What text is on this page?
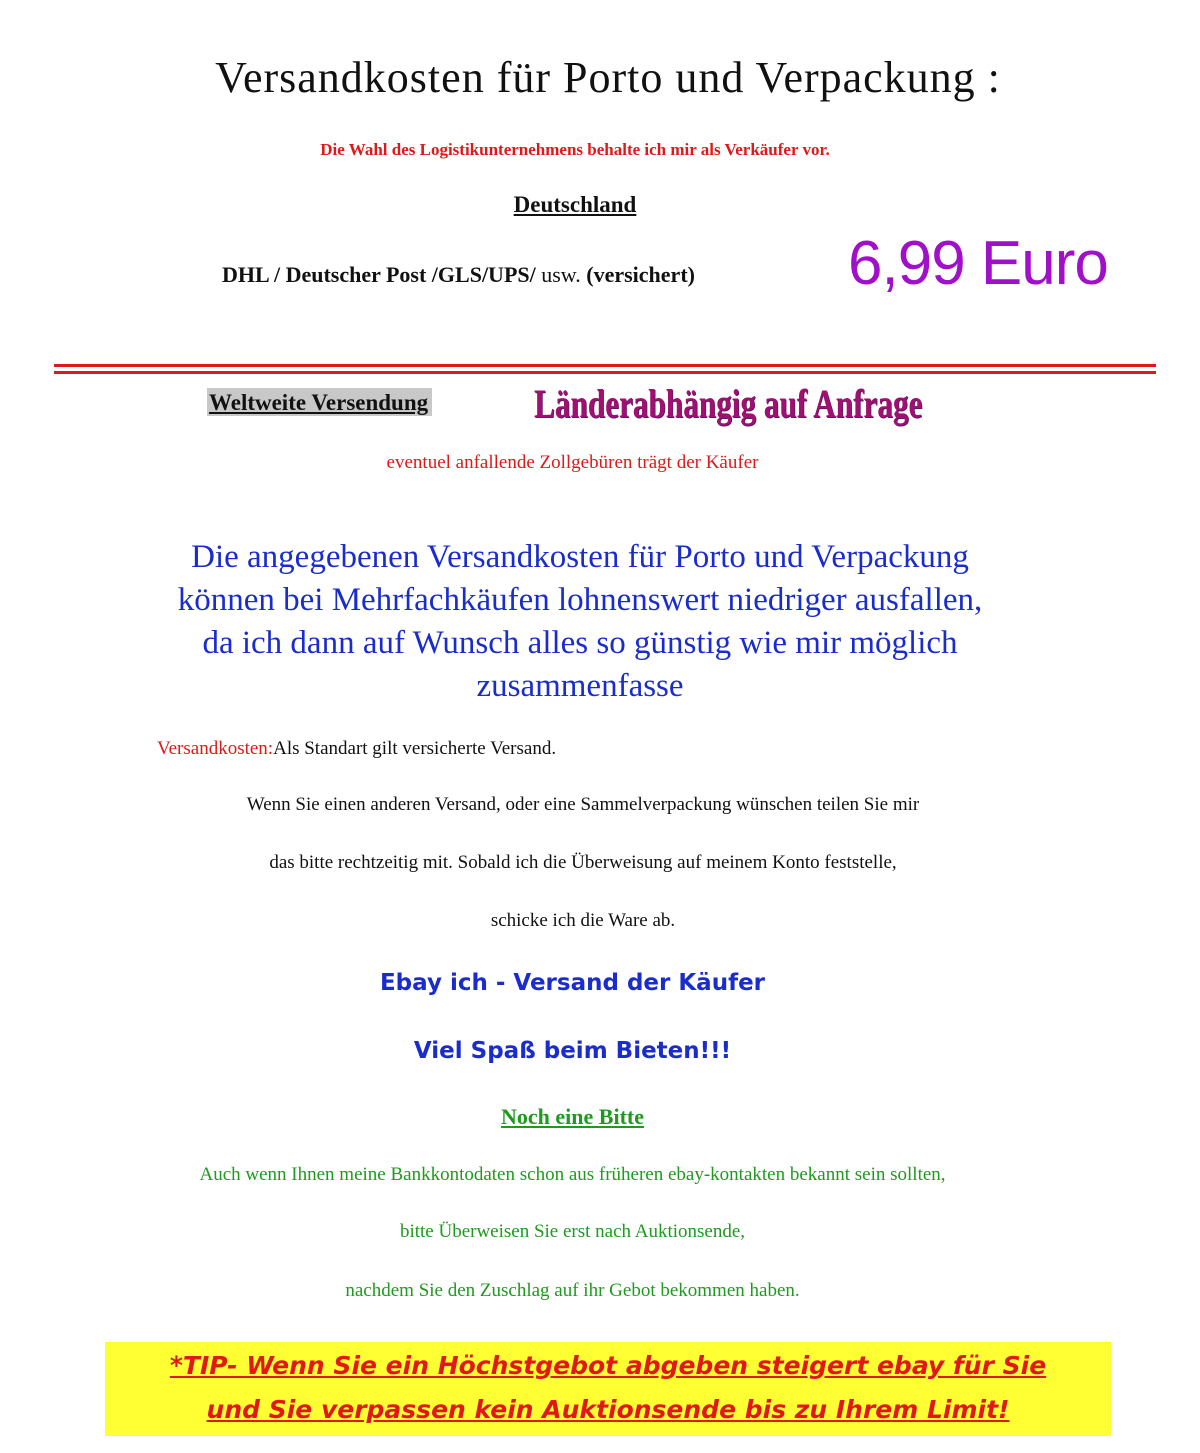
Versandkosten für Porto und Verpackung :
Die Wahl des Logistikunternehmens behalte ich mir als Verkäufer vor.
Deutschland
DHL / Deutscher Post /GLS/UPS/ usw. (versichert) 6,99 Euro
Weltweite Versendung	Länderabhängig auf Anfrage
eventuel anfallende Zollgebüren trägt der Käufer
Die angegebenen Versandkosten für Porto und Verpackung
können bei Mehrfachkäufen lohnenswert niedriger ausfallen,
da ich dann auf Wunsch alles so günstig wie mir möglich
zusammenfasse
Versandkosten:Als Standart gilt versicherte Versand.
Wenn Sie einen anderen Versand, oder eine Sammelverpackung wünschen teilen Sie mir
das bitte rechtzeitig mit. Sobald ich die Überweisung auf meinem Konto feststelle,
schicke ich die Ware ab.
Ebay ich - Versand der Käufer
Viel Spaß beim Bieten!!!
Noch eine Bitte
Auch wenn Ihnen meine Bankkontodaten schon aus früheren ebay-kontakten bekannt sein sollten,
bitte Überweisen Sie erst nach Auktionsende,
nachdem Sie den Zuschlag auf ihr Gebot bekommen haben.
*TIP- Wenn Sie ein Höchstgebot abgeben steigert ebay für Sie
und Sie verpassen kein Auktionsende bis zu Ihrem Limit!
